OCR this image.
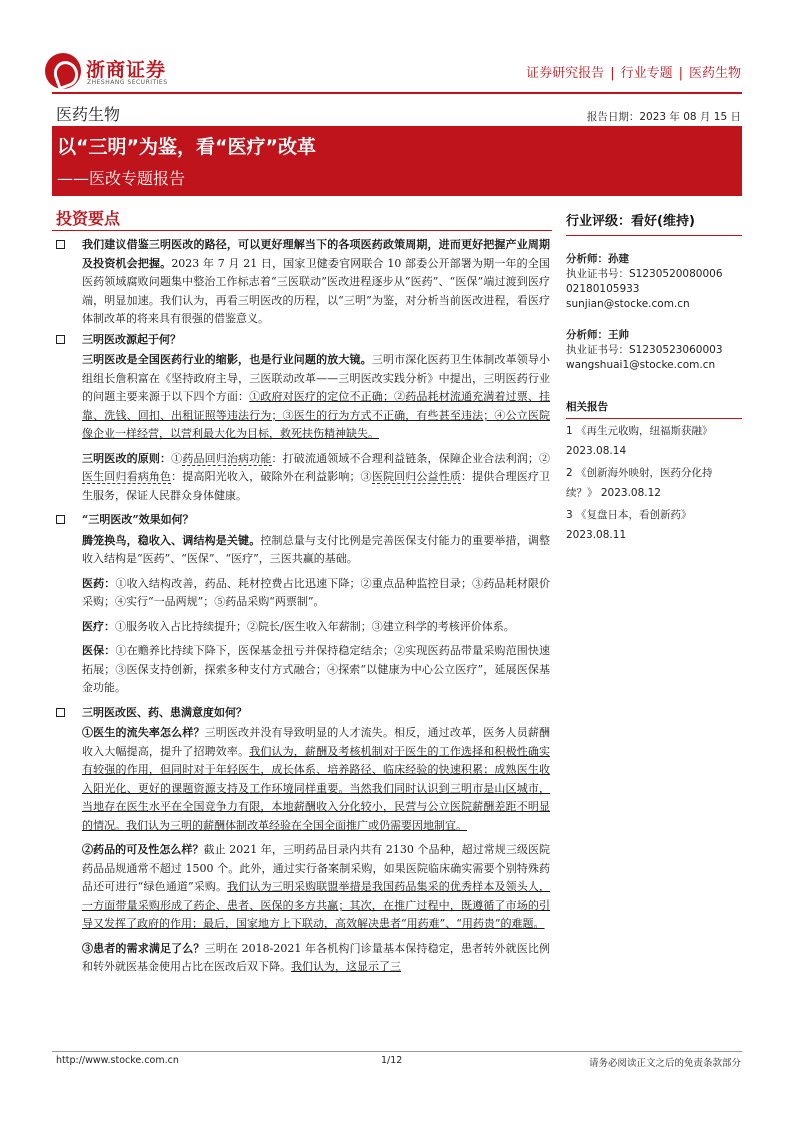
浙商证券
ZHESHANG SECURITIES
证券研究报告 | 行业专题 | 医药生物
医药生物	报告日期：2023 年 08 月 15 日
以“三明”为鉴，看“医疗”改革
——医改专题报告
投资要点
我们建议借鉴三明医改的路径，可以更好理解当下的各项医药政策周期，进而更好把握产业周期及投资机会把握。2023 年 7 月 21 日，国家卫健委官网联合 10 部委公开部署为期一年的全国医药领域腐败问题集中整治工作标志着“三医联动”医改进程逐步从“医药”、“医保”端过渡到医疗端，明显加速。我们认为，再看三明医改的历程，以“三明”为鉴，对分析当前医改进程，看医疗体制改革的将来具有很强的借鉴意义。
三明医改源起于何？
三明医改是全国医药行业的缩影，也是行业问题的放大镜。三明市深化医药卫生体制改革领导小组组长詹积富在《坚持政府主导，三医联动改革——三明医改实践分析》中提出，三明医药行业的问题主要来源于以下四个方面：①政府对医疗的定位不正确；②药品耗材流通充满着过票、挂靠、洗钱、回扣、出租证照等违法行为；③医生的行为方式不正确，有些甚至违法；④公立医院像企业一样经营，以营利最大化为目标，救死扶伤精神缺失。
三明医改的原则：①药品回归治病功能：打破流通领域不合理利益链条，保障企业合法利润；②医生回归看病角色：提高阳光收入，破除外在利益影响；③医院回归公益性质：提供合理医疗卫生服务，保证人民群众身体健康。
“三明医改”效果如何？
腾笼换鸟，稳收入、调结构是关键。控制总量与支付比例是完善医保支付能力的重要举措，调整收入结构是“医药”、“医保”、“医疗”，三医共赢的基础。
医药：①收入结构改善，药品、耗材控费占比迅速下降；②重点品种监控目录；③药品耗材限价采购；④实行“一品两规”；⑤药品采购“两票制”。
医疗：①服务收入占比持续提升；②院长/医生收入年薪制；③建立科学的考核评价体系。
医保：①在赡养比持续下降下，医保基金扭亏并保持稳定结余；②实现医药品带量采购范围快速拓展；③医保支持创新，探索多种支付方式融合；④探索“以健康为中心公立医疗”，延展医保基金功能。
三明医改医、药、患满意度如何？
①医生的流失率怎么样？三明医改并没有导致明显的人才流失。相反，通过改革，医务人员薪酬收入大幅提高，提升了招聘效率。我们认为，薪酬及考核机制对于医生的工作选择和积极性确实有较强的作用，但同时对于年轻医生，成长体系、培养路径、临床经验的快速积累；成熟医生收入阳光化、更好的课题资源支持及工作环境同样重要。当然我们同时认识到三明市是山区城市，当地存在医生水平在全国竞争力有限，本地薪酬收入分化较小，民营与公立医院薪酬差距不明显的情况。我们认为三明的薪酬体制改革经验在全国全面推广或仍需要因地制宜。
②药品的可及性怎么样？截止 2021 年，三明药品目录内共有 2130 个品种，超过常规三级医院药品品规通常不超过 1500 个。此外，通过实行备案制采购，如果医院临床确实需要个别特殊药品还可进行“绿色通道”采购。我们认为三明采购联盟举措是我国药品集采的优秀样本及领头人，一方面带量采购形成了药企、患者、医保的多方共赢；其次，在推广过程中，既遵循了市场的引导又发挥了政府的作用；最后，国家地方上下联动，高效解决患者“用药难”、“用药贵”的难题。
③患者的需求满足了么？三明在 2018-2021 年各机构门诊量基本保持稳定，患者转外就医比例和转外就医基金使用占比在医改后双下降。我们认为，这显示了三
行业评级：看好(维持)
分析师：孙建
执业证书号：S1230520080006
02180105933
sunjian@stocke.com.cn
分析师：王帅
执业证书号：S1230523060003
wangshuai1@stocke.com.cn
相关报告
1 《再生元收购，纽福斯获融》 2023.08.14
2 《创新海外映射，医药分化持续？》 2023.08.12
3 《复盘日本，看创新药》 2023.08.11
http://www.stocke.com.cn	1/12	请务必阅读正文之后的免责条款部分
